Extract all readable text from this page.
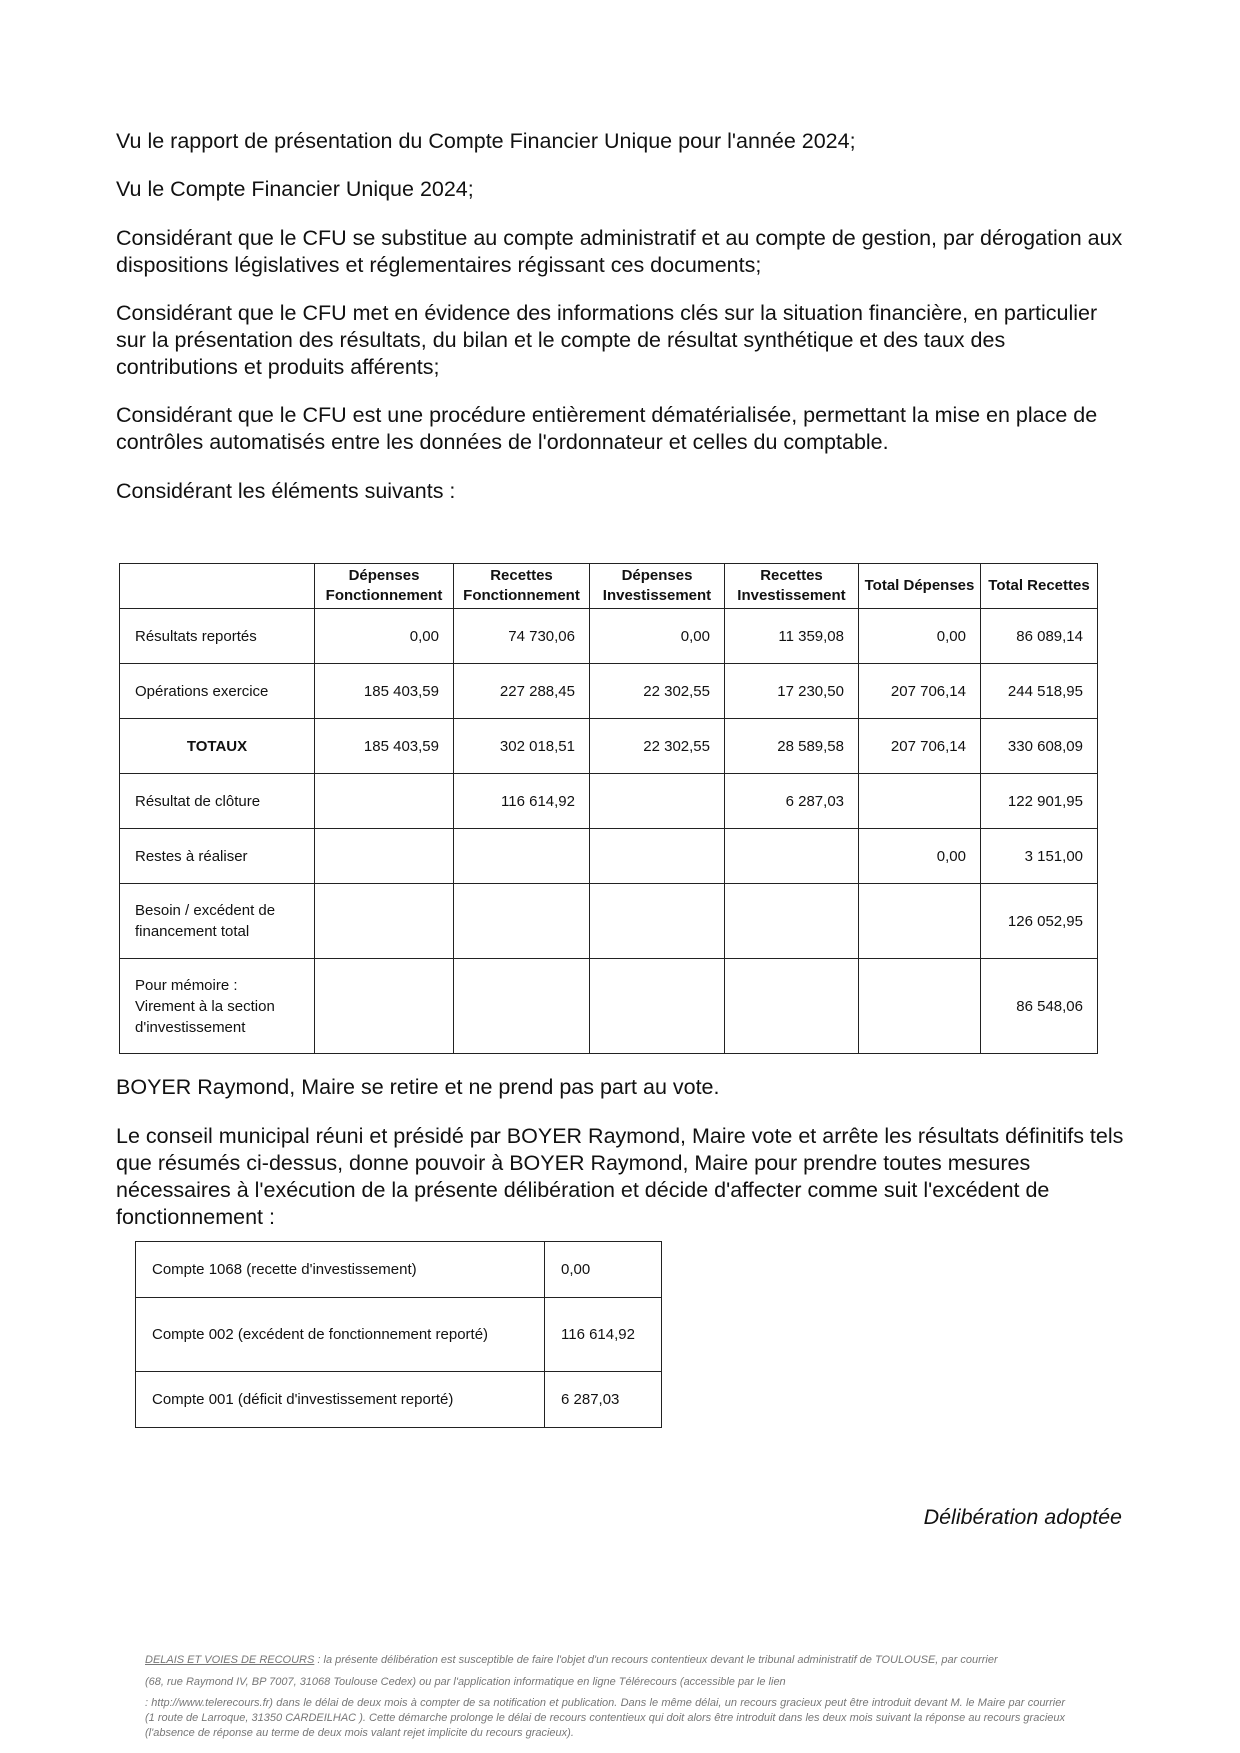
Vu le rapport de présentation du Compte Financier Unique pour l'année 2024;

Vu le Compte Financier Unique 2024;

Considérant que le CFU se substitue au compte administratif et au compte de gestion, par dérogation aux dispositions législatives et réglementaires régissant ces documents;

Considérant que le CFU met en évidence des informations clés sur la situation financière, en particulier sur la présentation des résultats, du bilan et le compte de résultat synthétique et des taux des contributions et produits afférents;

Considérant que le CFU est une procédure entièrement dématérialisée, permettant la mise en place de contrôles automatisés entre les données de l'ordonnateur et celles du comptable.

Considérant les éléments suivants :

	Dépenses Fonctionnement	Recettes Fonctionnement	Dépenses Investissement	Recettes Investissement	Total Dépenses	Total Recettes
Résultats reportés	0,00	74 730,06	0,00	11 359,08	0,00	86 089,14
Opérations exercice	185 403,59	227 288,45	22 302,55	17 230,50	207 706,14	244 518,95
TOTAUX	185 403,59	302 018,51	22 302,55	28 589,58	207 706,14	330 608,09
Résultat de clôture		116 614,92		6 287,03		122 901,95
Restes à réaliser					0,00	3 151,00
Besoin / excédent de financement total						126 052,95
Pour mémoire : Virement à la section d'investissement						86 548,06

BOYER Raymond, Maire se retire et ne prend pas part au vote.

Le conseil municipal réuni et présidé par BOYER Raymond, Maire vote et arrête les résultats définitifs tels que résumés ci-dessus, donne pouvoir à BOYER Raymond, Maire pour prendre toutes mesures nécessaires à l'exécution de la présente délibération et décide d'affecter comme suit l'excédent de fonctionnement :

Compte 1068 (recette d'investissement)	0,00
Compte 002 (excédent de fonctionnement reporté)	116 614,92
Compte 001 (déficit d'investissement reporté)	6 287,03
Délibération adoptée

DELAIS ET VOIES DE RECOURS : la présente délibération est susceptible de faire l'objet d'un recours contentieux devant le tribunal administratif de TOULOUSE, par courrier

(68, rue Raymond IV, BP 7007, 31068 Toulouse Cedex) ou par l'application informatique en ligne Télérecours (accessible par le lien

: http://www.telerecours.fr) dans le délai de deux mois à compter de sa notification et publication. Dans le même délai, un recours gracieux peut être introduit devant M. le Maire par courrier (1 route de Larroque, 31350 CARDEILHAC ). Cette démarche prolonge le délai de recours contentieux qui doit alors être introduit dans les deux mois suivant la réponse au recours gracieux (l'absence de réponse au terme de deux mois valant rejet implicite du recours gracieux).
